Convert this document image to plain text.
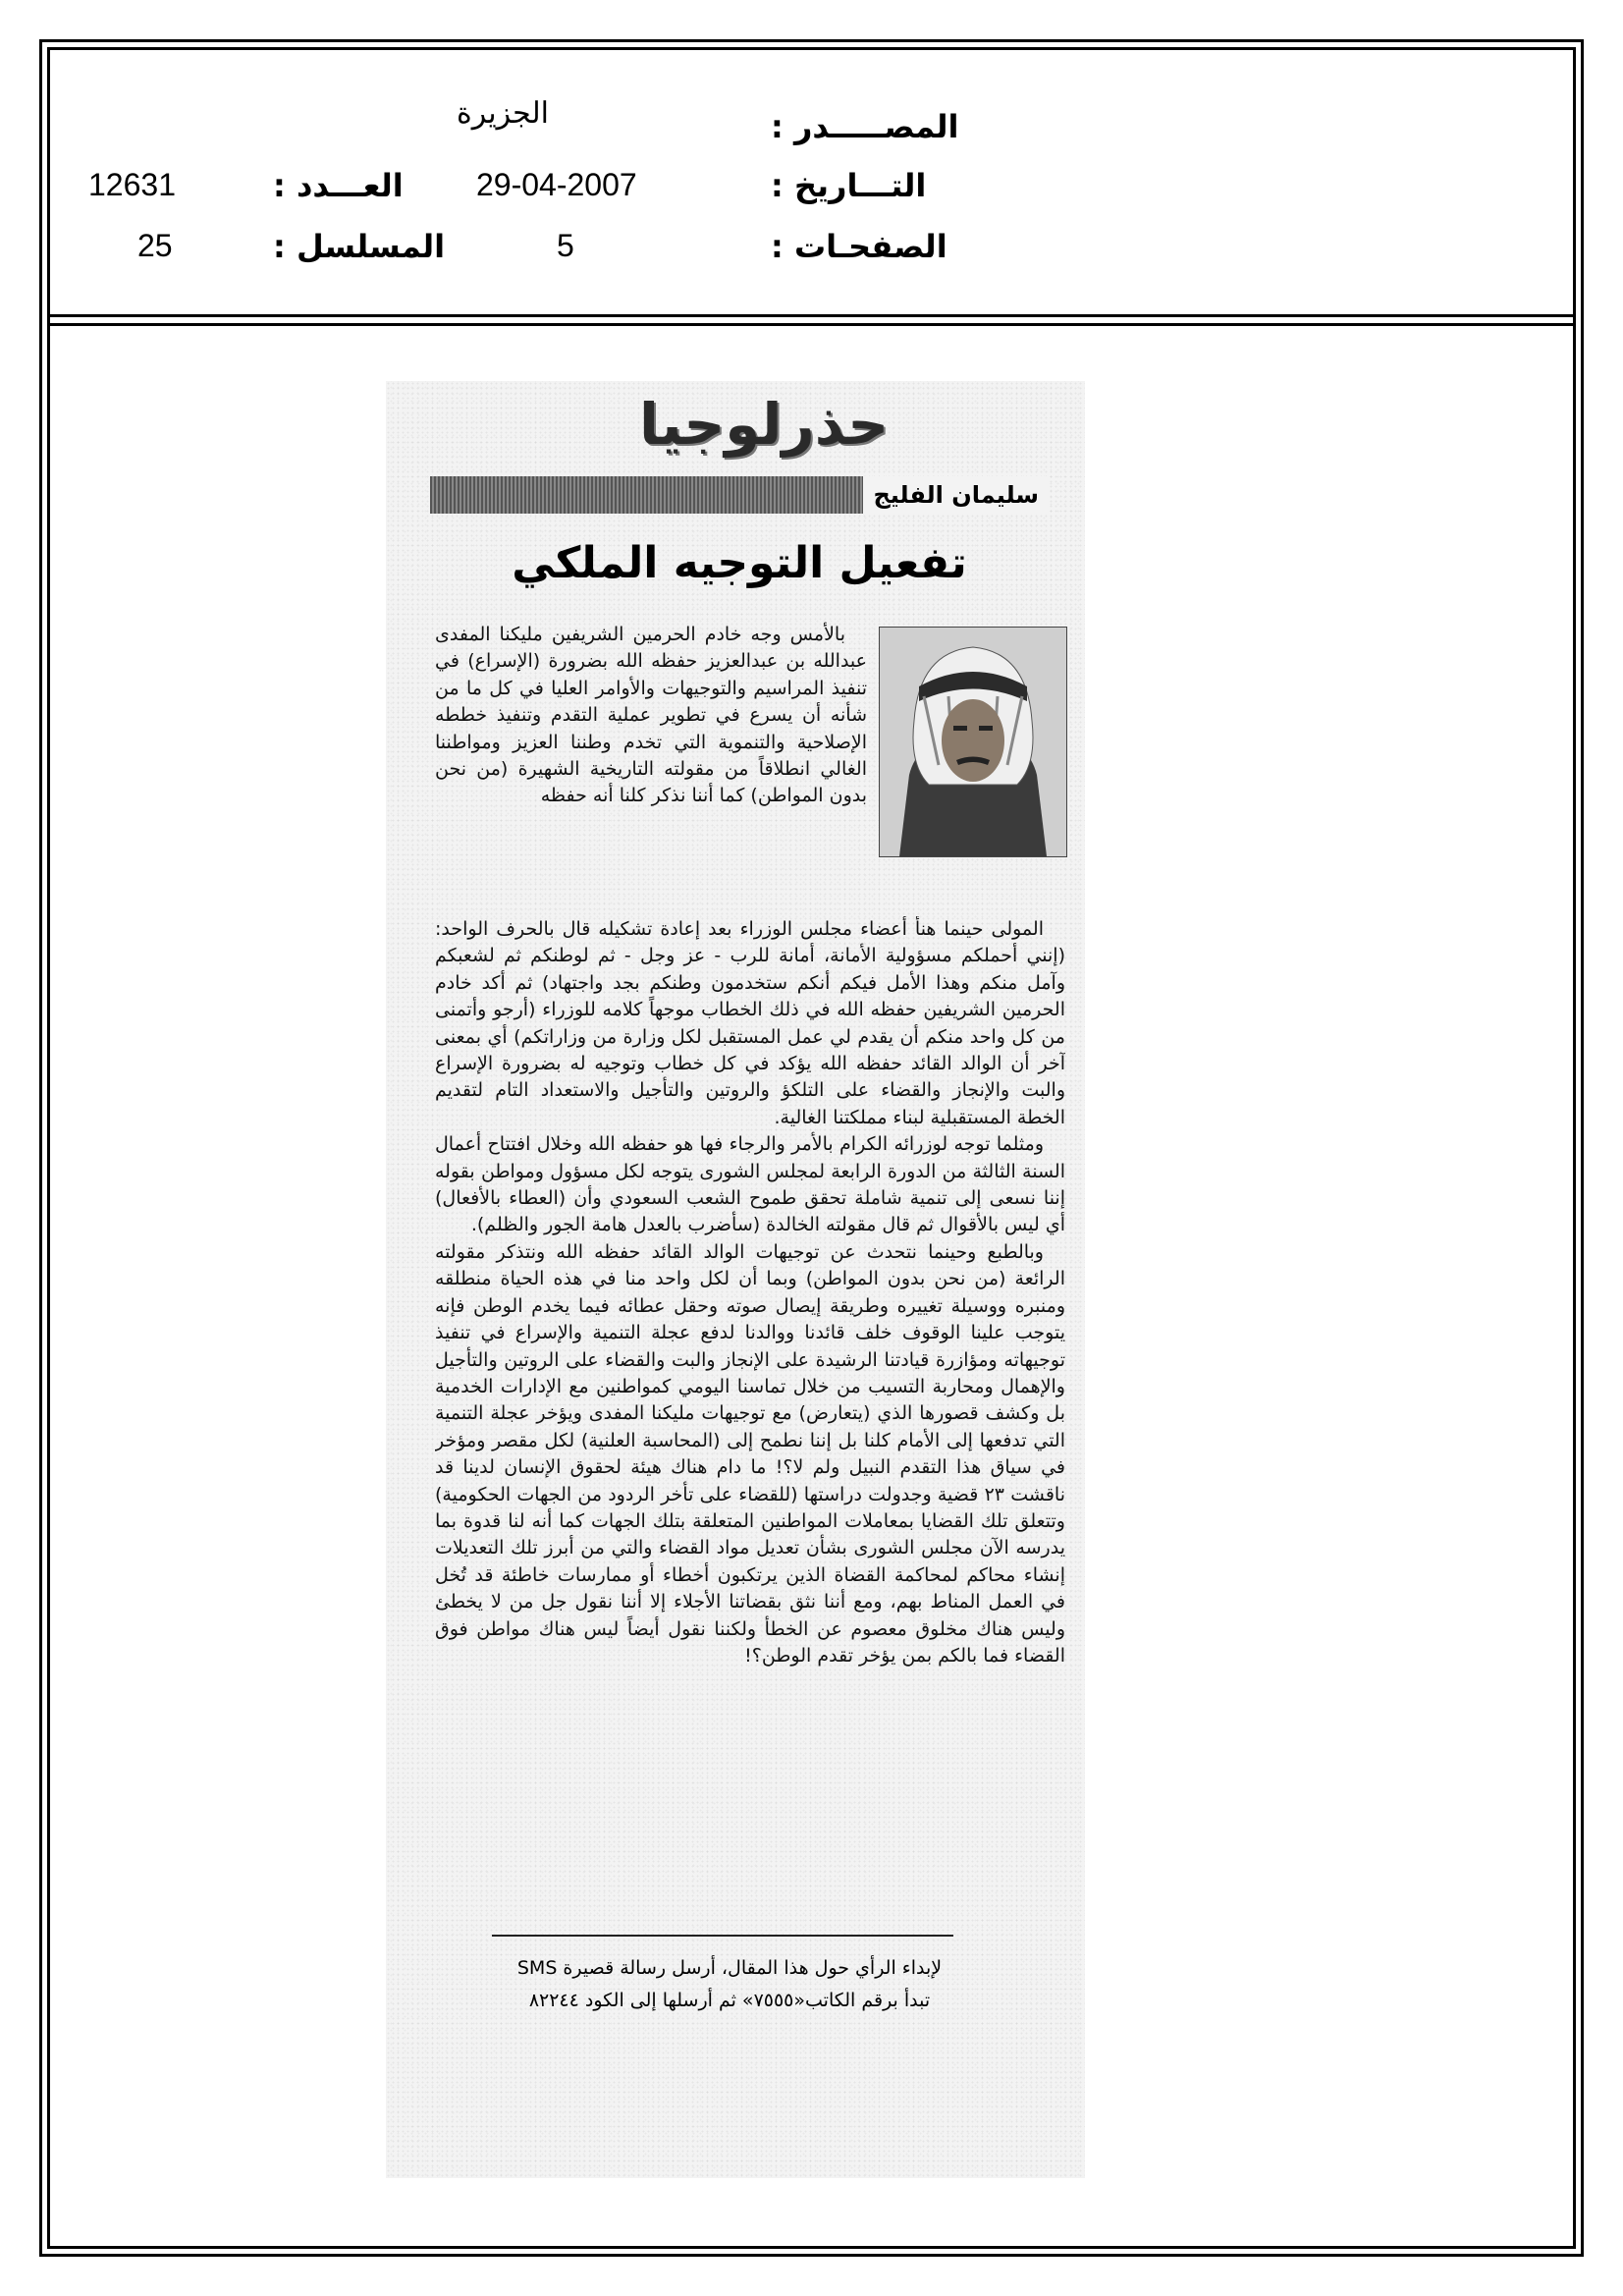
الجزيرة	المصـــــدر :
29-04-2007	التـــاريخ :
12631	العـــدد :
5	الصفحـات :
25	المسلسل :
حذرلوجيا
سليمان الفليج
تفعيل التوجيه الملكي

بالأمس وجه خادم الحرمين الشريفين مليكنا المفدى عبدالله بن عبدالعزيز حفظه الله بضرورة (الإسراع) في تنفيذ المراسيم والتوجيهات والأوامر العليا في كل ما من شأنه أن يسرع في تطوير عملية التقدم وتنفيذ خططه الإصلاحية والتنموية التي تخدم وطننا العزيز ومواطننا الغالي انطلاقاً من مقولته التاريخية الشهيرة (من نحن بدون المواطن) كما أننا نذكر كلنا أنه حفظه

المولى حينما هنأ أعضاء مجلس الوزراء بعد إعادة تشكيله قال بالحرف الواحد: (إنني أحملكم مسؤولية الأمانة، أمانة للرب - عز وجل - ثم لوطنكم ثم لشعبكم وآمل منكم وهذا الأمل فيكم أنكم ستخدمون وطنكم بجد واجتهاد) ثم أكد خادم الحرمين الشريفين حفظه الله في ذلك الخطاب موجهاً كلامه للوزراء (أرجو وأتمنى من كل واحد منكم أن يقدم لي عمل المستقبل لكل وزارة من وزاراتكم) أي بمعنى آخر أن الوالد القائد حفظه الله يؤكد في كل خطاب وتوجيه له بضرورة الإسراع والبت والإنجاز والقضاء على التلكؤ والروتين والتأجيل والاستعداد التام لتقديم الخطة المستقبلية لبناء مملكتنا الغالية.

ومثلما توجه لوزرائه الكرام بالأمر والرجاء فها هو حفظه الله وخلال افتتاح أعمال السنة الثالثة من الدورة الرابعة لمجلس الشورى يتوجه لكل مسؤول ومواطن بقوله إننا نسعى إلى تنمية شاملة تحقق طموح الشعب السعودي وأن (العطاء بالأفعال) أي ليس بالأقوال ثم قال مقولته الخالدة (سأضرب بالعدل هامة الجور والظلم).

وبالطبع وحينما نتحدث عن توجيهات الوالد القائد حفظه الله ونتذكر مقولته الرائعة (من نحن بدون المواطن) وبما أن لكل واحد منا في هذه الحياة منطلقه ومنبره ووسيلة تغييره وطريقة إيصال صوته وحقل عطائه فيما يخدم الوطن فإنه يتوجب علينا الوقوف خلف قائدنا ووالدنا لدفع عجلة التنمية والإسراع في تنفيذ توجيهاته ومؤازرة قيادتنا الرشيدة على الإنجاز والبت والقضاء على الروتين والتأجيل والإهمال ومحاربة التسيب من خلال تماسنا اليومي كمواطنين مع الإدارات الخدمية بل وكشف قصورها الذي (يتعارض) مع توجيهات مليكنا المفدى ويؤخر عجلة التنمية التي تدفعها إلى الأمام كلنا بل إننا نطمح إلى (المحاسبة العلنية) لكل مقصر ومؤخر في سياق هذا التقدم النبيل ولم لا؟! ما دام هناك هيئة لحقوق الإنسان لدينا قد ناقشت ٢٣ قضية وجدولت دراستها (للقضاء على تأخر الردود من الجهات الحكومية) وتتعلق تلك القضايا بمعاملات المواطنين المتعلقة بتلك الجهات كما أنه لنا قدوة بما يدرسه الآن مجلس الشورى بشأن تعديل مواد القضاء والتي من أبرز تلك التعديلات إنشاء محاكم لمحاكمة القضاة الذين يرتكبون أخطاء أو ممارسات خاطئة قد تُخل في العمل المناط بهم، ومع أننا نثق بقضاتنا الأجلاء إلا أننا نقول جل من لا يخطئ وليس هناك مخلوق معصوم عن الخطأ ولكننا نقول أيضاً ليس هناك مواطن فوق القضاء فما بالكم بمن يؤخر تقدم الوطن؟!

لإبداء الرأي حول هذا المقال، أرسل رسالة قصيرة SMS
تبدأ برقم الكاتب«٧٥٥٥» ثم أرسلها إلى الكود ٨٢٢٤٤
